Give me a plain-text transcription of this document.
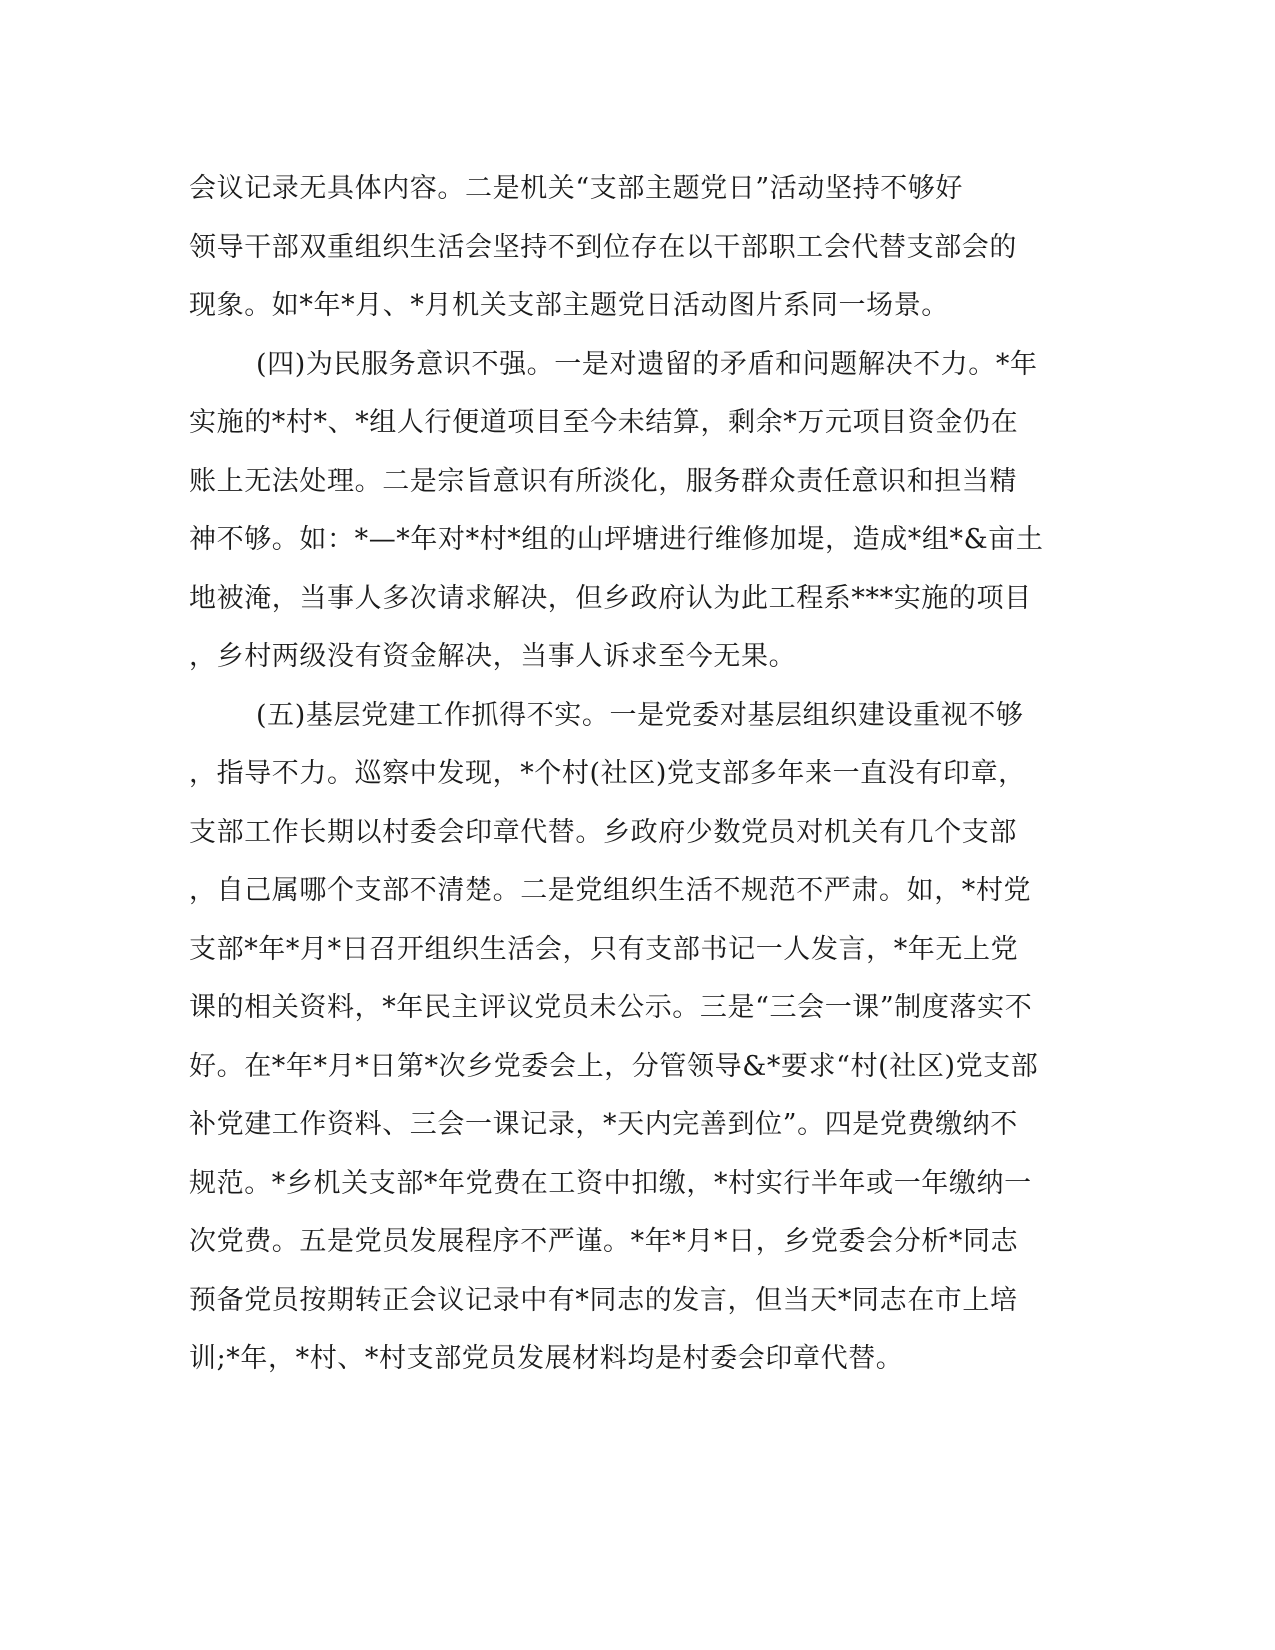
会议记录无具体内容。二是机关“支部主题党日”活动坚持不够好
领导干部双重组织生活会坚持不到位存在以干部职工会代替支部会的
现象。如*年*月、*月机关支部主题党日活动图片系同一场景。
(四)为民服务意识不强。一是对遗留的矛盾和问题解决不力。*年
实施的*村*、*组人行便道项目至今未结算，剩余*万元项目资金仍在
账上无法处理。二是宗旨意识有所淡化，服务群众责任意识和担当精
神不够。如：*—*年对*村*组的山坪塘进行维修加堤，造成*组*&亩土
地被淹，当事人多次请求解决，但乡政府认为此工程系***实施的项目
，乡村两级没有资金解决，当事人诉求至今无果。
(五)基层党建工作抓得不实。一是党委对基层组织建设重视不够
，指导不力。巡察中发现，*个村(社区)党支部多年来一直没有印章，
支部工作长期以村委会印章代替。乡政府少数党员对机关有几个支部
，自己属哪个支部不清楚。二是党组织生活不规范不严肃。如，*村党
支部*年*月*日召开组织生活会，只有支部书记一人发言，*年无上党
课的相关资料，*年民主评议党员未公示。三是“三会一课”制度落实不
好。在*年*月*日第*次乡党委会上，分管领导&*要求“村(社区)党支部
补党建工作资料、三会一课记录，*天内完善到位”。四是党费缴纳不
规范。*乡机关支部*年党费在工资中扣缴，*村实行半年或一年缴纳一
次党费。五是党员发展程序不严谨。*年*月*日，乡党委会分析*同志
预备党员按期转正会议记录中有*同志的发言，但当天*同志在市上培
训;*年，*村、*村支部党员发展材料均是村委会印章代替。
